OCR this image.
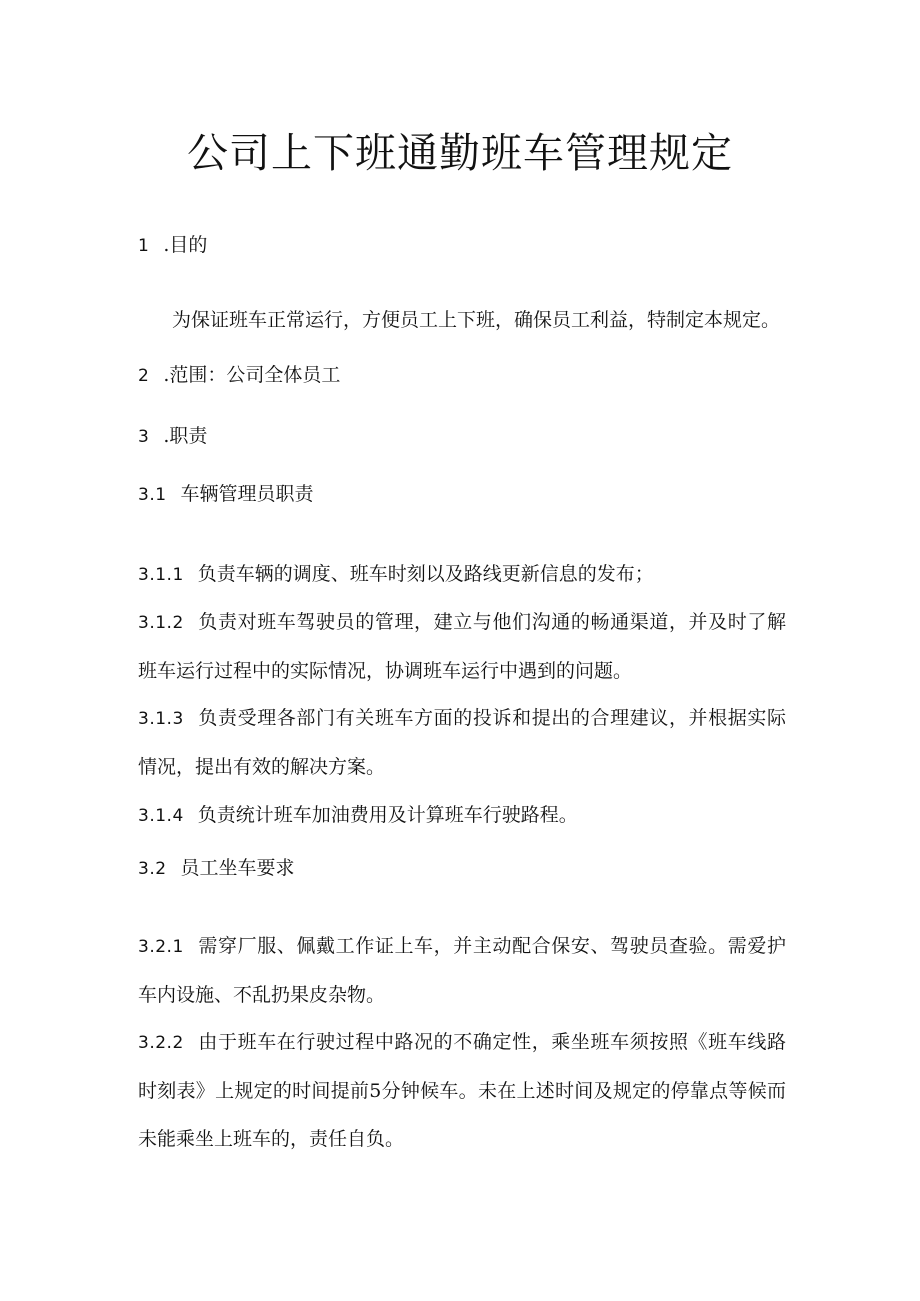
公司上下班通勤班车管理规定
1 .目的
为保证班车正常运行，方便员工上下班，确保员工利益，特制定本规定。
2 .范围：公司全体员工
3 .职责
3.1 车辆管理员职责
3.1.1 负责车辆的调度、班车时刻以及路线更新信息的发布；
3.1.2 负责对班车驾驶员的管理，建立与他们沟通的畅通渠道，并及时了解班车运行过程中的实际情况，协调班车运行中遇到的问题。
3.1.3 负责受理各部门有关班车方面的投诉和提出的合理建议，并根据实际情况，提出有效的解决方案。
3.1.4 负责统计班车加油费用及计算班车行驶路程。
3.2 员工坐车要求
3.2.1 需穿厂服、佩戴工作证上车，并主动配合保安、驾驶员查验。需爱护车内设施、不乱扔果皮杂物。
3.2.2 由于班车在行驶过程中路况的不确定性，乘坐班车须按照《班车线路时刻表》上规定的时间提前5分钟候车。未在上述时间及规定的停靠点等候而未能乘坐上班车的，责任自负。
